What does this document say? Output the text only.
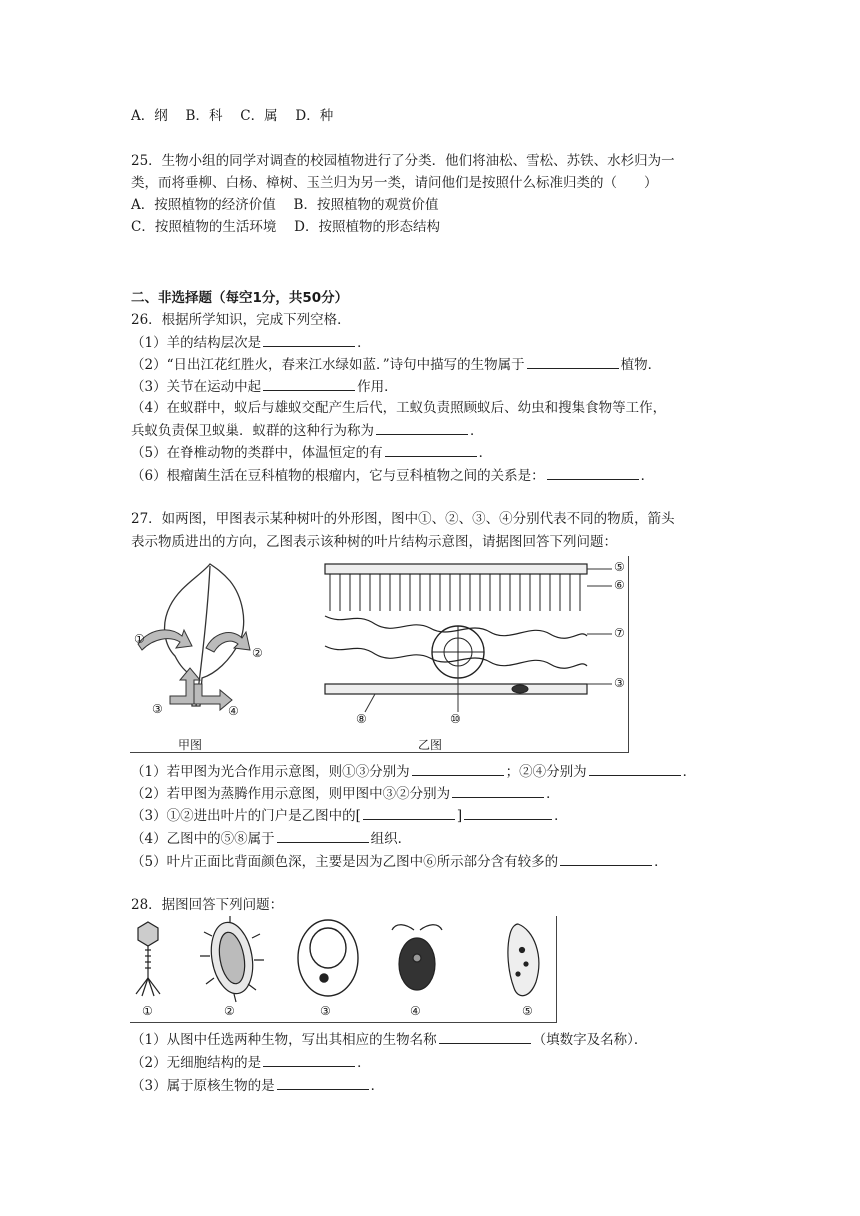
A．纲　 B．科　 C．属　 D．种
25．生物小组的同学对调查的校园植物进行了分类．他们将油松、雪松、苏铁、水杉归为一
类，而将垂柳、白杨、樟树、玉兰归为另一类，请问他们是按照什么标准归类的（　　）
A．按照植物的经济价值　 B．按照植物的观赏价值
C．按照植物的生活环境　 D．按照植物的形态结构
二、非选择题（每空1分，共50分）
26．根据所学知识，完成下列空格．
（1）羊的结构层次是	．
（2）“日出江花红胜火，春来江水绿如蓝．”诗句中描写的生物属于	植物．
（3）关节在运动中起	作用．
（4）在蚁群中，蚁后与雄蚁交配产生后代，工蚁负责照顾蚁后、幼虫和搜集食物等工作，
兵蚁负责保卫蚁巢．蚁群的这种行为称为	．
（5）在脊椎动物的类群中，体温恒定的有	．
（6）根瘤菌生活在豆科植物的根瘤内，它与豆科植物之间的关系是：	．
27．如两图，甲图表示某种树叶的外形图，图中①、②、③、④分别代表不同的物质，箭头
表示物质进出的方向，乙图表示该种树的叶片结构示意图，请据图回答下列问题：
①
②
③	④
⑤
⑥
⑦
③
⑧	⑩
甲图	乙图
（1）若甲图为光合作用示意图，则①③分别为	；②④分别为	．
（2）若甲图为蒸腾作用示意图，则甲图中③②分别为	．
（3）①②进出叶片的门户是乙图中的[	]	．
（4）乙图中的⑤⑧属于	组织．
（5）叶片正面比背面颜色深，主要是因为乙图中⑥所示部分含有较多的	．
28．据图回答下列问题：
①	②	③	④	⑤
（1）从图中任选两种生物，写出其相应的生物名称	（填数字及名称）．
（2）无细胞结构的是	．
（3）属于原核生物的是	．
